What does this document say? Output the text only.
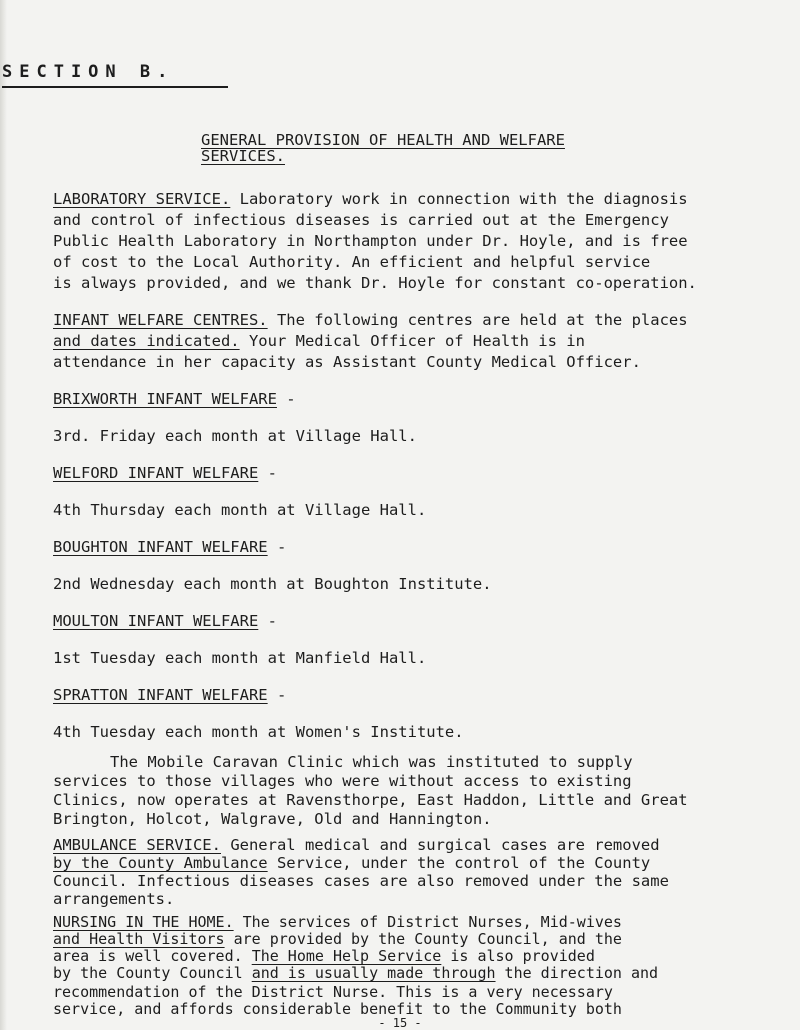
SECTION B.
GENERAL PROVISION OF HEALTH AND WELFARE
SERVICES.
LABORATORY SERVICE. Laboratory work in connection with the diagnosis
and control of infectious diseases is carried out at the Emergency
Public Health Laboratory in Northampton under Dr. Hoyle, and is free
of cost to the Local Authority. An efficient and helpful service
is always provided, and we thank Dr. Hoyle for constant co-operation.
INFANT WELFARE CENTRES. The following centres are held at the places
and dates indicated. Your Medical Officer of Health is in
attendance in her capacity as Assistant County Medical Officer.
BRIXWORTH INFANT WELFARE -
3rd. Friday each month at Village Hall.
WELFORD INFANT WELFARE -
4th Thursday each month at Village Hall.
BOUGHTON INFANT WELFARE -
2nd Wednesday each month at Boughton Institute.
MOULTON INFANT WELFARE -
1st Tuesday each month at Manfield Hall.
SPRATTON INFANT WELFARE -
4th Tuesday each month at Women's Institute.
The Mobile Caravan Clinic which was instituted to supply
services to those villages who were without access to existing
Clinics, now operates at Ravensthorpe, East Haddon, Little and Great
Brington, Holcot, Walgrave, Old and Hannington.
AMBULANCE SERVICE. General medical and surgical cases are removed
by the County Ambulance Service, under the control of the County
Council. Infectious diseases cases are also removed under the same
arrangements.
NURSING IN THE HOME. The services of District Nurses, Mid-wives
and Health Visitors are provided by the County Council, and the
area is well covered. The Home Help Service is also provided
by the County Council and is usually made through the direction and
recommendation of the District Nurse. This is a very necessary
service, and affords considerable benefit to the Community both
- 15 -
